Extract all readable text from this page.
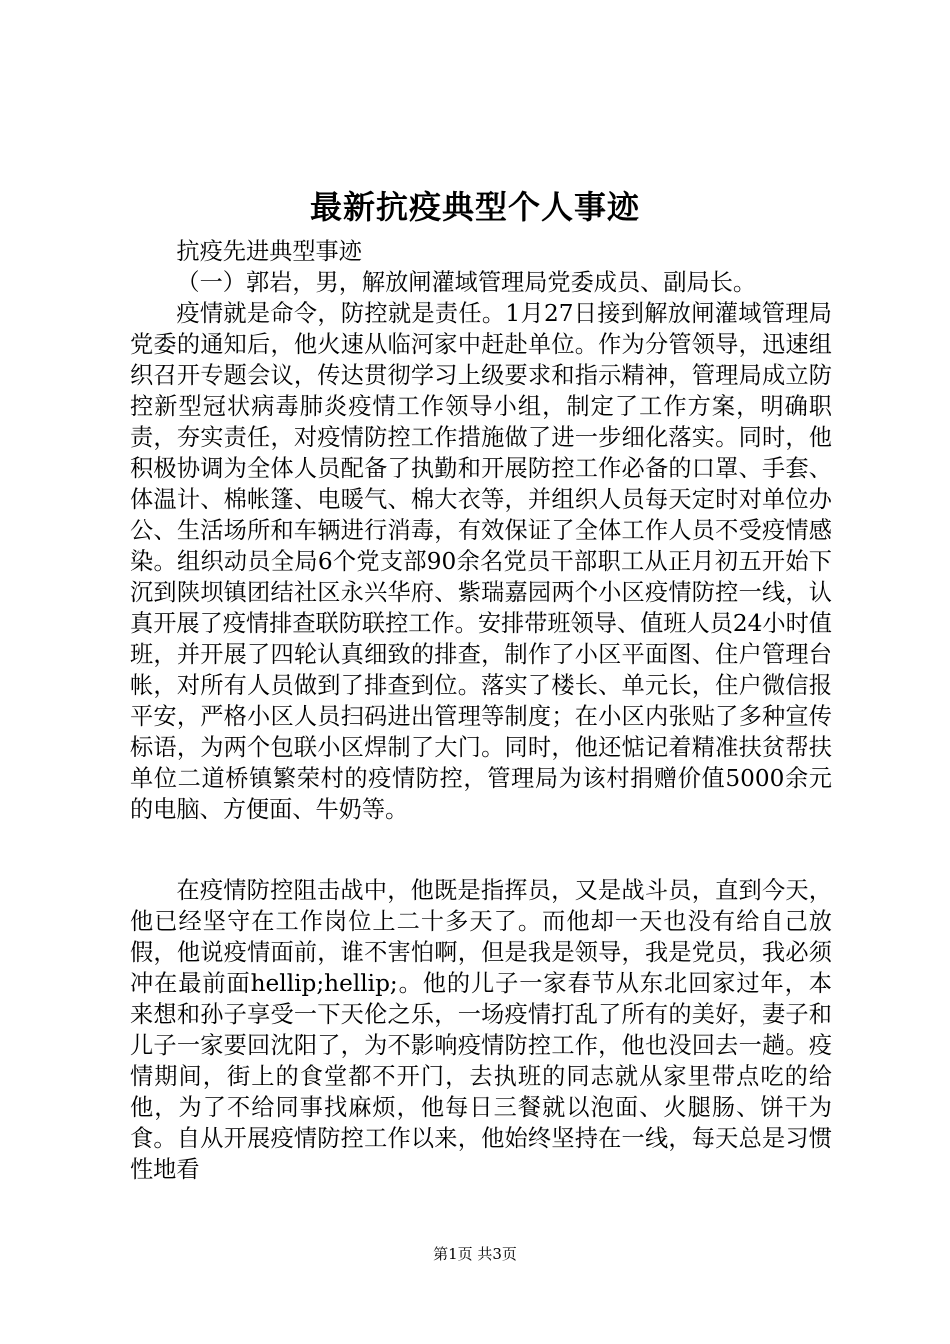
最新抗疫典型个人事迹

抗疫先进典型事迹

（一）郭岩，男，解放闸灌域管理局党委成员、副局长。

疫情就是命令，防控就是责任。1月27日接到解放闸灌域管理局党委的通知后，他火速从临河家中赶赴单位。作为分管领导，迅速组织召开专题会议，传达贯彻学习上级要求和指示精神，管理局成立防控新型冠状病毒肺炎疫情工作领导小组，制定了工作方案，明确职责，夯实责任，对疫情防控工作措施做了进一步细化落实。同时，他积极协调为全体人员配备了执勤和开展防控工作必备的口罩、手套、体温计、棉帐篷、电暖气、棉大衣等，并组织人员每天定时对单位办公、生活场所和车辆进行消毒，有效保证了全体工作人员不受疫情感染。组织动员全局6个党支部90余名党员干部职工从正月初五开始下沉到陕坝镇团结社区永兴华府、紫瑞嘉园两个小区疫情防控一线，认真开展了疫情排查联防联控工作。安排带班领导、值班人员24小时值班，并开展了四轮认真细致的排查，制作了小区平面图、住户管理台帐，对所有人员做到了排查到位。落实了楼长、单元长，住户微信报平安，严格小区人员扫码进出管理等制度；在小区内张贴了多种宣传标语，为两个包联小区焊制了大门。同时，他还惦记着精准扶贫帮扶单位二道桥镇繁荣村的疫情防控，管理局为该村捐赠价值5000余元的电脑、方便面、牛奶等。

在疫情防控阻击战中，他既是指挥员，又是战斗员，直到今天，他已经坚守在工作岗位上二十多天了。而他却一天也没有给自己放假，他说疫情面前，谁不害怕啊，但是我是领导，我是党员，我必须冲在最前面hellip;hellip;。他的儿子一家春节从东北回家过年，本来想和孙子享受一下天伦之乐，一场疫情打乱了所有的美好，妻子和儿子一家要回沈阳了，为不影响疫情防控工作，他也没回去一趟。疫情期间，街上的食堂都不开门，去执班的同志就从家里带点吃的给他，为了不给同事找麻烦，他每日三餐就以泡面、火腿肠、饼干为食。自从开展疫情防控工作以来，他始终坚持在一线，每天总是习惯性地看

第1页 共3页
